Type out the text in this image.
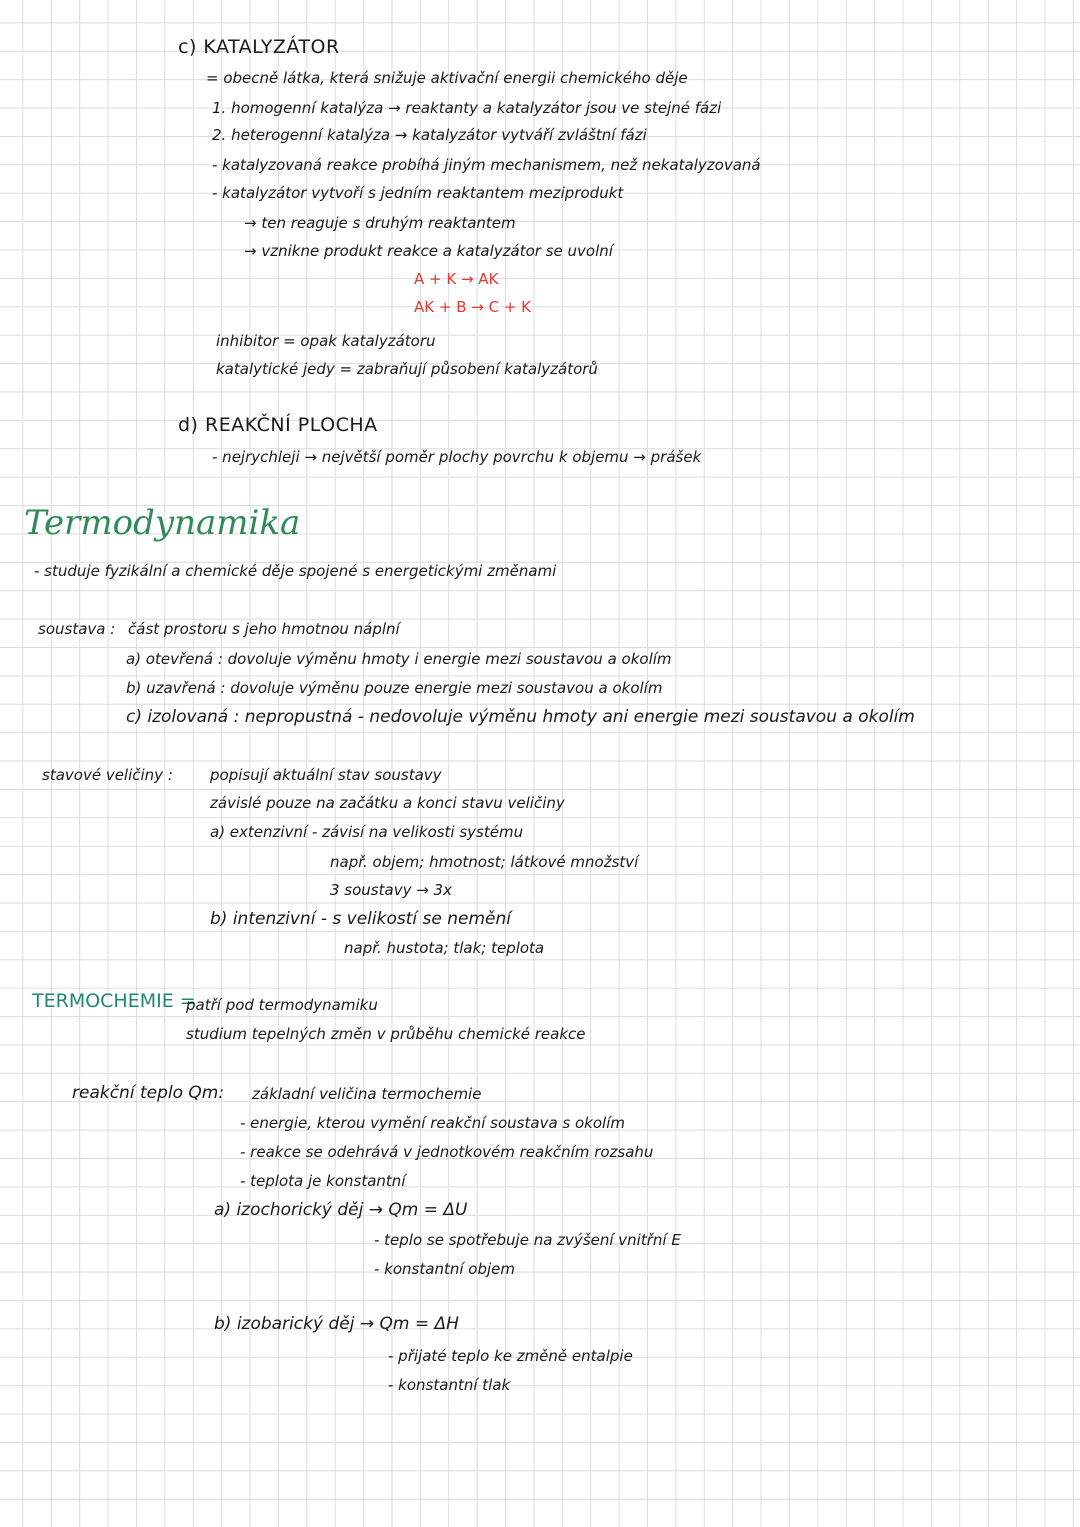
c) KATALYZÁTOR
= obecně látka, která snižuje aktivační energii chemického děje
1. homogenní katalýza → reaktanty a katalyzátor jsou ve stejné fázi
2. heterogenní katalýza → katalyzátor vytváří zvláštní fázi
- katalyzovaná reakce probíhá jiným mechanismem, než nekatalyzovaná
- katalyzátor vytvoří s jedním reaktantem meziprodukt
→ ten reaguje s druhým reaktantem
→ vznikne produkt reakce a katalyzátor se uvolní
A + K → AK
AK + B → C + K
inhibitor = opak katalyzátoru
katalytické jedy = zabraňují působení katalyzátorů
d) REAKČNÍ PLOCHA
- nejrychleji → největší poměr plochy povrchu k objemu → prášek
Termodynamika
- studuje fyzikální a chemické děje spojené s energetickými změnami
soustava : část prostoru s jeho hmotnou náplní
a) otevřená : dovoluje výměnu hmoty i energie mezi soustavou a okolím
b) uzavřená : dovoluje výměnu pouze energie mezi soustavou a okolím
c) izolovaná : nepropustná - nedovoluje výměnu hmoty ani energie mezi soustavou a okolím
stavové veličiny : popisují aktuální stav soustavy
závislé pouze na začátku a konci stavu veličiny
a) extenzivní - závisí na velikosti systému
např. objem; hmotnost; látkové množství
3 soustavy → 3x
b) intenzivní - s velikostí se nemění
např. hustota; tlak; teplota
TERMOCHEMIE =
patří pod termodynamiku
studium tepelných změn v průběhu chemické reakce
reakční teplo Qm: základní veličina termochemie
- energie, kterou vymění reakční soustava s okolím
- reakce se odehrává v jednotkovém reakčním rozsahu
- teplota je konstantní
a) izochorický děj → Qm = ΔU
- teplo se spotřebuje na zvýšení vnitřní E
- konstantní objem
b) izobarický děj → Qm = ΔH
- přijaté teplo ke změně entalpie
- konstantní tlak
